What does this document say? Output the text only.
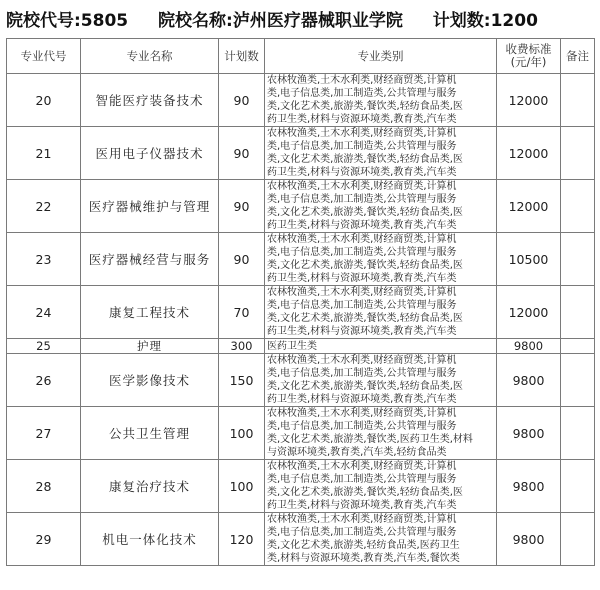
院校代号:5805 院校名称:泸州医疗器械职业学院 计划数:1200
专业代号	专业名称	计划数	专业类别	收费标准
(元/年)	备注
20	智能医疗装备技术	90	农林牧渔类,土木水利类,财经商贸类,计算机
类,电子信息类,加工制造类,公共管理与服务
类,文化艺术类,旅游类,餐饮类,轻纺食品类,医
药卫生类,材料与资源环境类,教育类,汽车类	12000	
21	医用电子仪器技术	90	农林牧渔类,土木水利类,财经商贸类,计算机
类,电子信息类,加工制造类,公共管理与服务
类,文化艺术类,旅游类,餐饮类,轻纺食品类,医
药卫生类,材料与资源环境类,教育类,汽车类	12000	
22	医疗器械维护与管理	90	农林牧渔类,土木水利类,财经商贸类,计算机
类,电子信息类,加工制造类,公共管理与服务
类,文化艺术类,旅游类,餐饮类,轻纺食品类,医
药卫生类,材料与资源环境类,教育类,汽车类	12000	
23	医疗器械经营与服务	90	农林牧渔类,土木水利类,财经商贸类,计算机
类,电子信息类,加工制造类,公共管理与服务
类,文化艺术类,旅游类,餐饮类,轻纺食品类,医
药卫生类,材料与资源环境类,教育类,汽车类	10500	
24	康复工程技术	70	农林牧渔类,土木水利类,财经商贸类,计算机
类,电子信息类,加工制造类,公共管理与服务
类,文化艺术类,旅游类,餐饮类,轻纺食品类,医
药卫生类,材料与资源环境类,教育类,汽车类	12000	
25	护理	300	医药卫生类	9800	
26	医学影像技术	150	农林牧渔类,土木水利类,财经商贸类,计算机
类,电子信息类,加工制造类,公共管理与服务
类,文化艺术类,旅游类,餐饮类,轻纺食品类,医
药卫生类,材料与资源环境类,教育类,汽车类	9800	
27	公共卫生管理	100	农林牧渔类,土木水利类,财经商贸类,计算机
类,电子信息类,加工制造类,公共管理与服务
类,文化艺术类,旅游类,餐饮类,医药卫生类,材料
与资源环境类,教育类,汽车类,轻纺食品类	9800	
28	康复治疗技术	100	农林牧渔类,土木水利类,财经商贸类,计算机
类,电子信息类,加工制造类,公共管理与服务
类,文化艺术类,旅游类,餐饮类,轻纺食品类,医
药卫生类,材料与资源环境类,教育类,汽车类	9800	
29	机电一体化技术	120	农林牧渔类,土木水利类,财经商贸类,计算机
类,电子信息类,加工制造类,公共管理与服务
类,文化艺术类,旅游类,轻纺食品类,医药卫生
类,材料与资源环境类,教育类,汽车类,餐饮类	9800	
